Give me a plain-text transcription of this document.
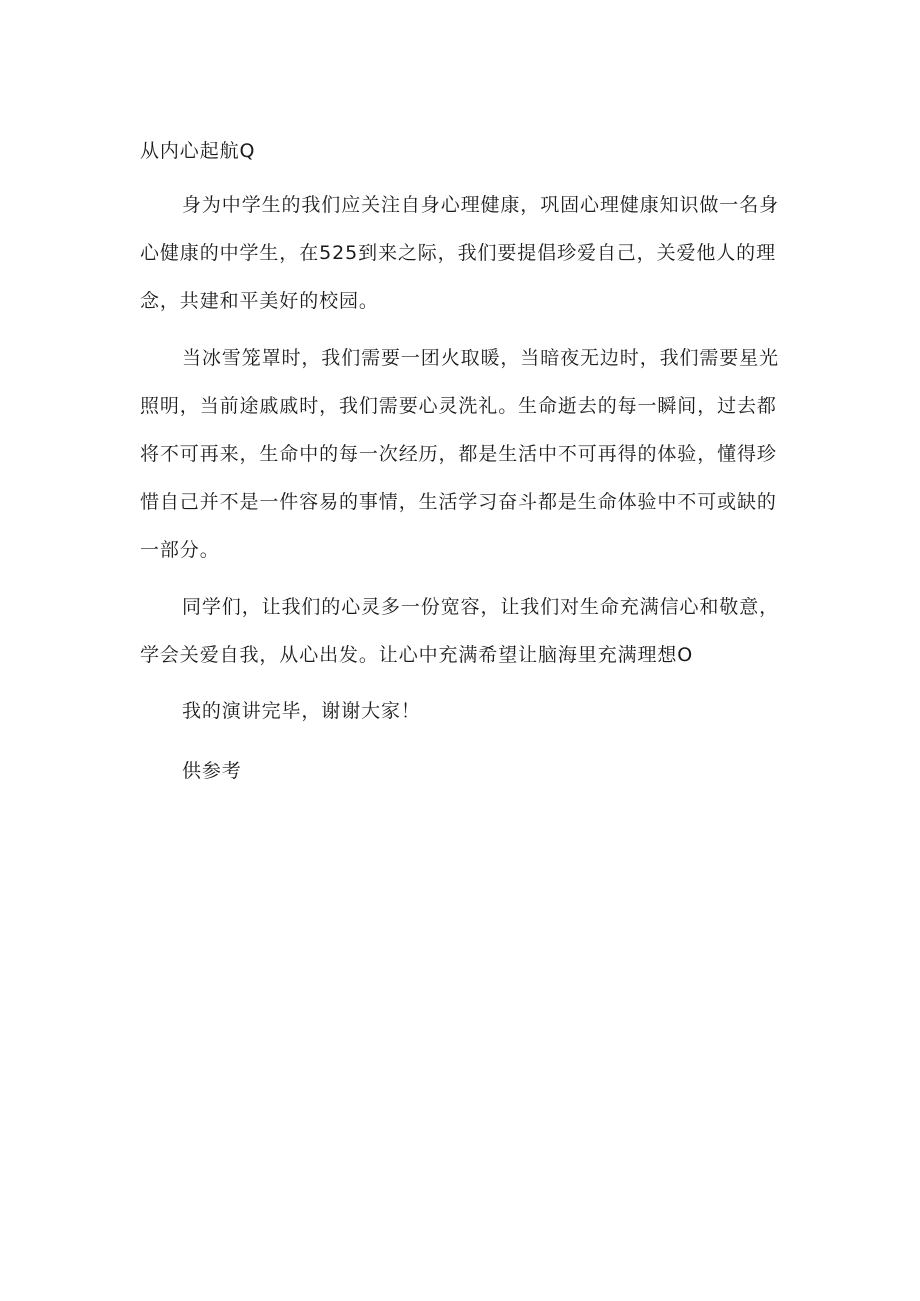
从内心起航Q
身为中学生的我们应关注自身心理健康，巩固心理健康知识做一名身
心健康的中学生，在525到来之际，我们要提倡珍爱自己，关爱他人的理
念，共建和平美好的校园。
当冰雪笼罩时，我们需要一团火取暖，当暗夜无边时，我们需要星光
照明，当前途戚戚时，我们需要心灵洗礼。生命逝去的每一瞬间，过去都
将不可再来，生命中的每一次经历，都是生活中不可再得的体验，懂得珍
惜自己并不是一件容易的事情，生活学习奋斗都是生命体验中不可或缺的
一部分。
同学们，让我们的心灵多一份宽容，让我们对生命充满信心和敬意，
学会关爱自我，从心出发。让心中充满希望让脑海里充满理想O
我的演讲完毕，谢谢大家！
供参考
